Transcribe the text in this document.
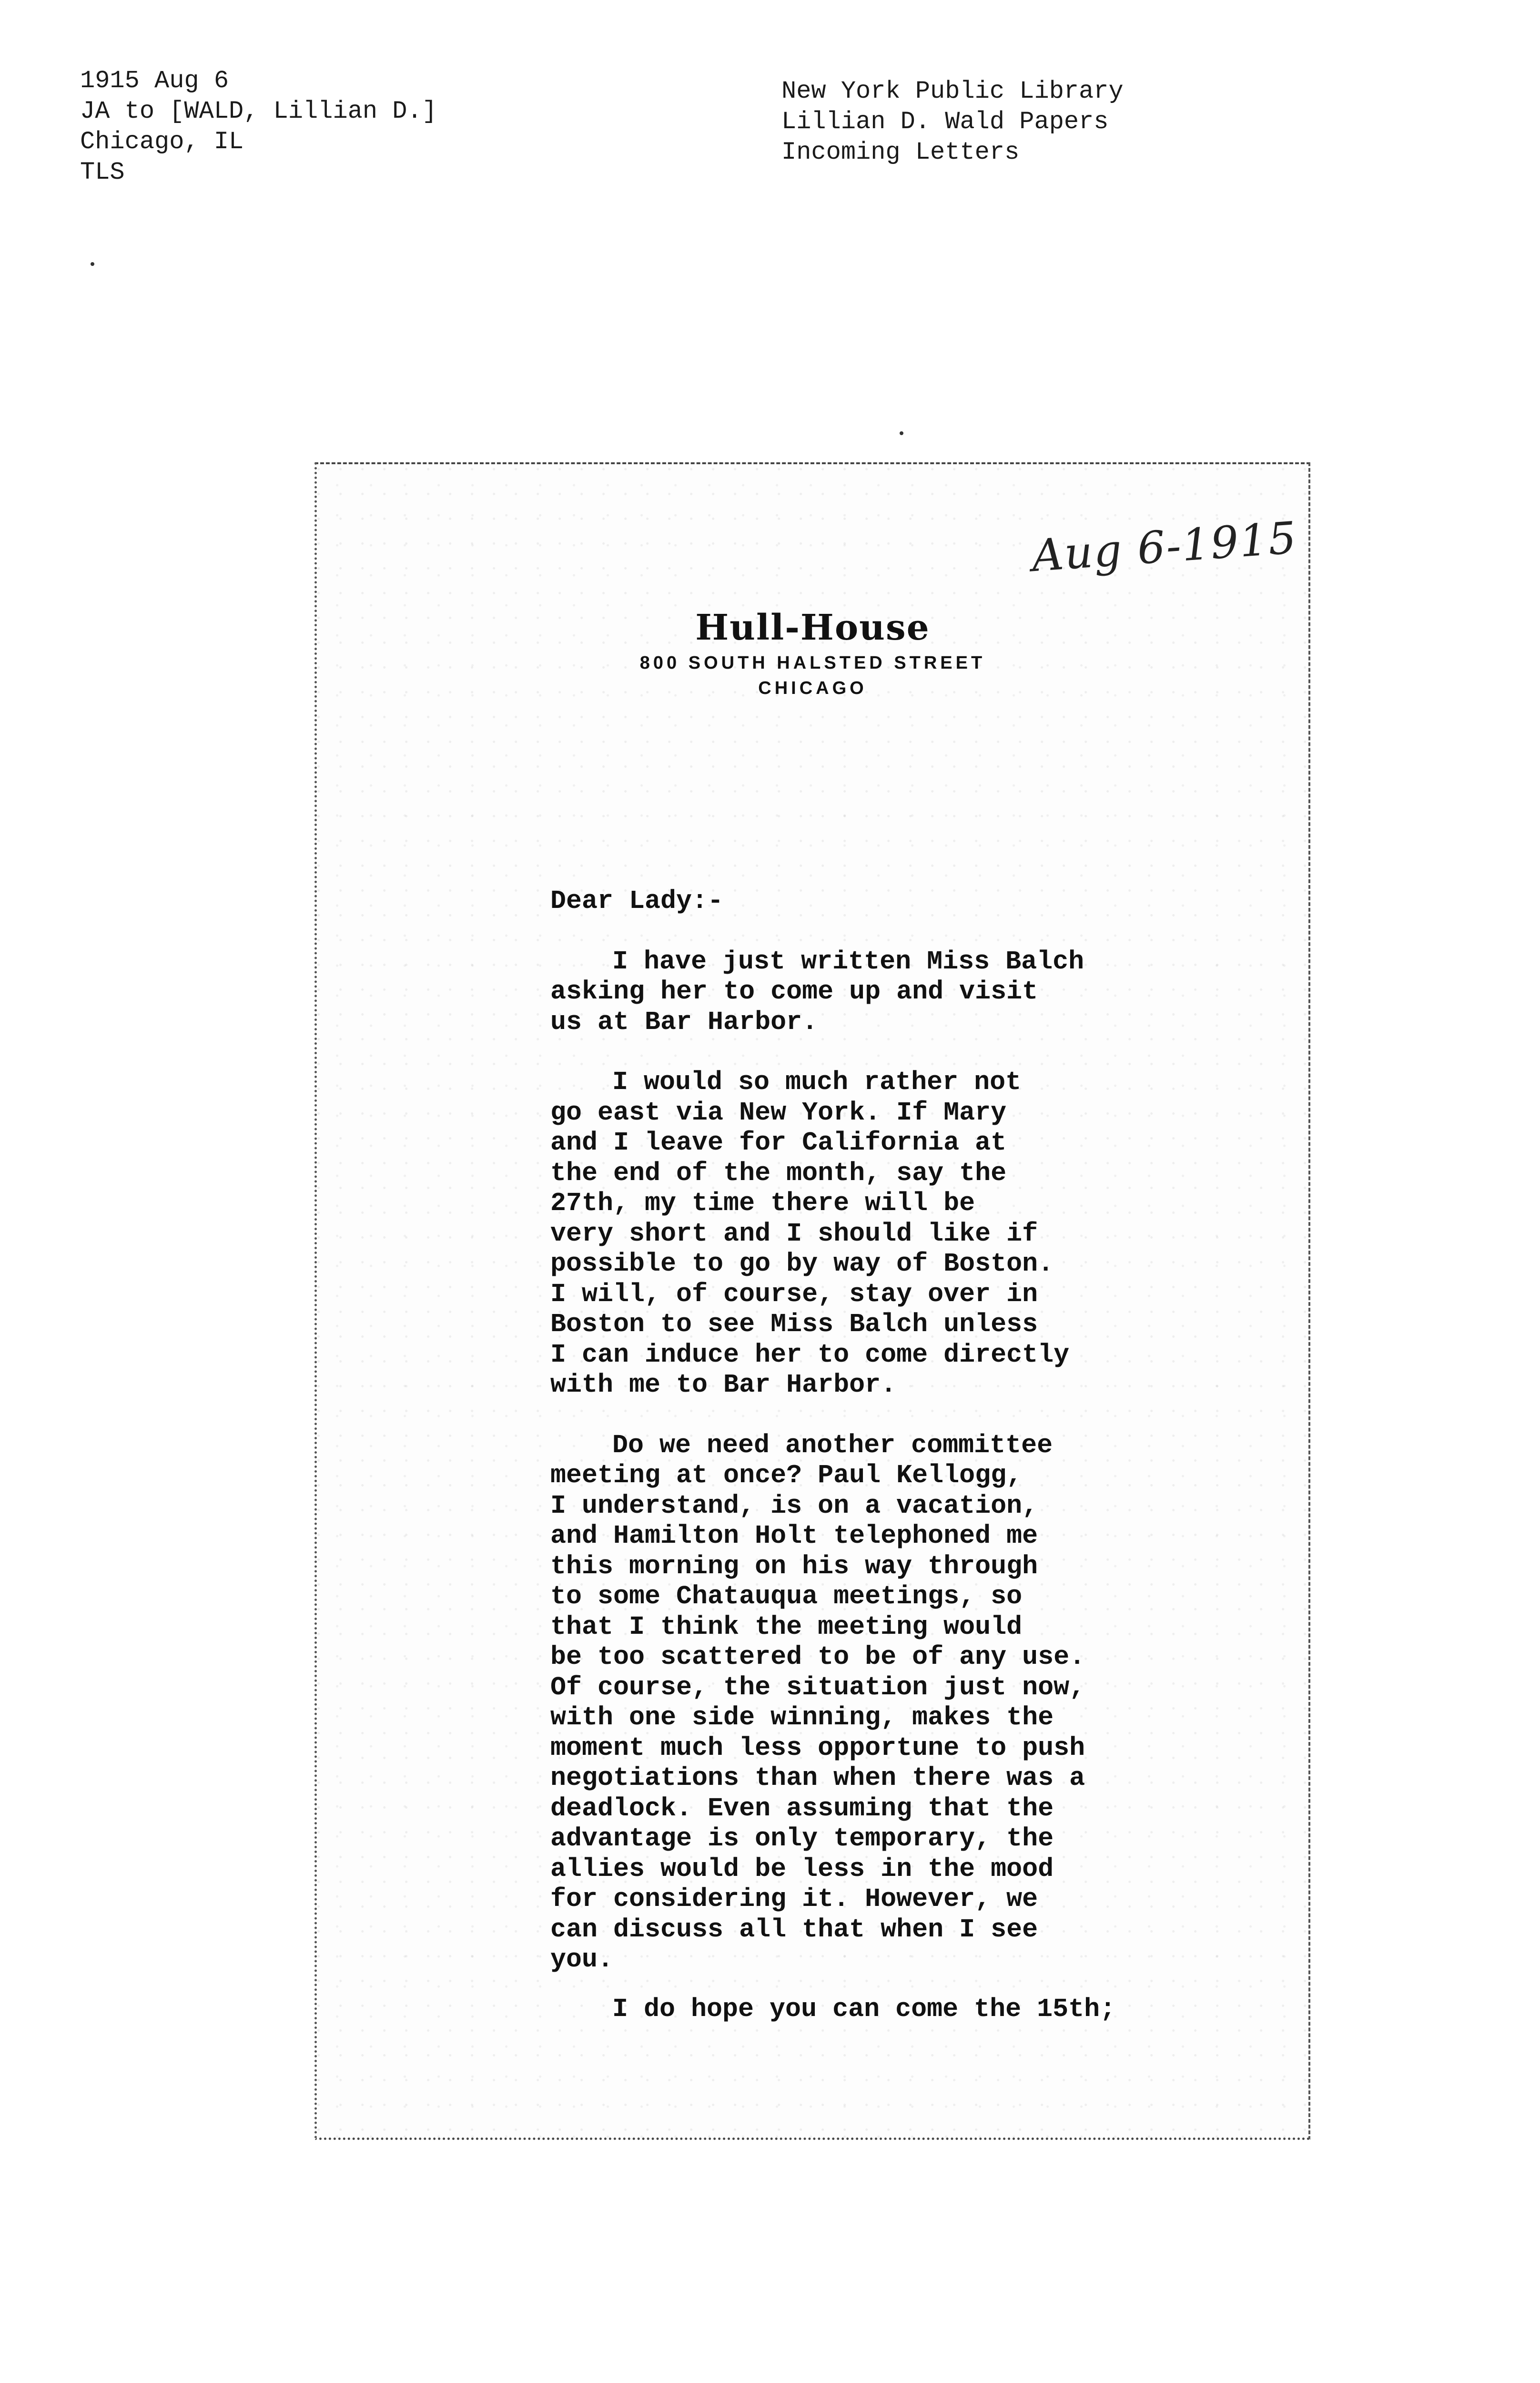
1915 Aug 6
JA to [WALD, Lillian D.]
Chicago, IL
TLS
New York Public Library
Lillian D. Wald Papers
Incoming Letters
Aug 6-1915
Hull-House
800 SOUTH HALSTED STREET
CHICAGO
Dear Lady:-
I have just written Miss Balch
asking her to come up and visit
us at Bar Harbor.
I would so much rather not
go east via New York. If Mary
and I leave for California at
the end of the month, say the
27th, my time there will be
very short and I should like if
possible to go by way of Boston.
I will, of course, stay over in
Boston to see Miss Balch unless
I can induce her to come directly
with me to Bar Harbor.
Do we need another committee
meeting at once? Paul Kellogg,
I understand, is on a vacation,
and Hamilton Holt telephoned me
this morning on his way through
to some Chatauqua meetings, so
that I think the meeting would
be too scattered to be of any use.
Of course, the situation just now,
with one side winning, makes the
moment much less opportune to push
negotiations than when there was a
deadlock. Even assuming that the
advantage is only temporary, the
allies would be less in the mood
for considering it. However, we
can discuss all that when I see
you.
I do hope you can come the 15th;
